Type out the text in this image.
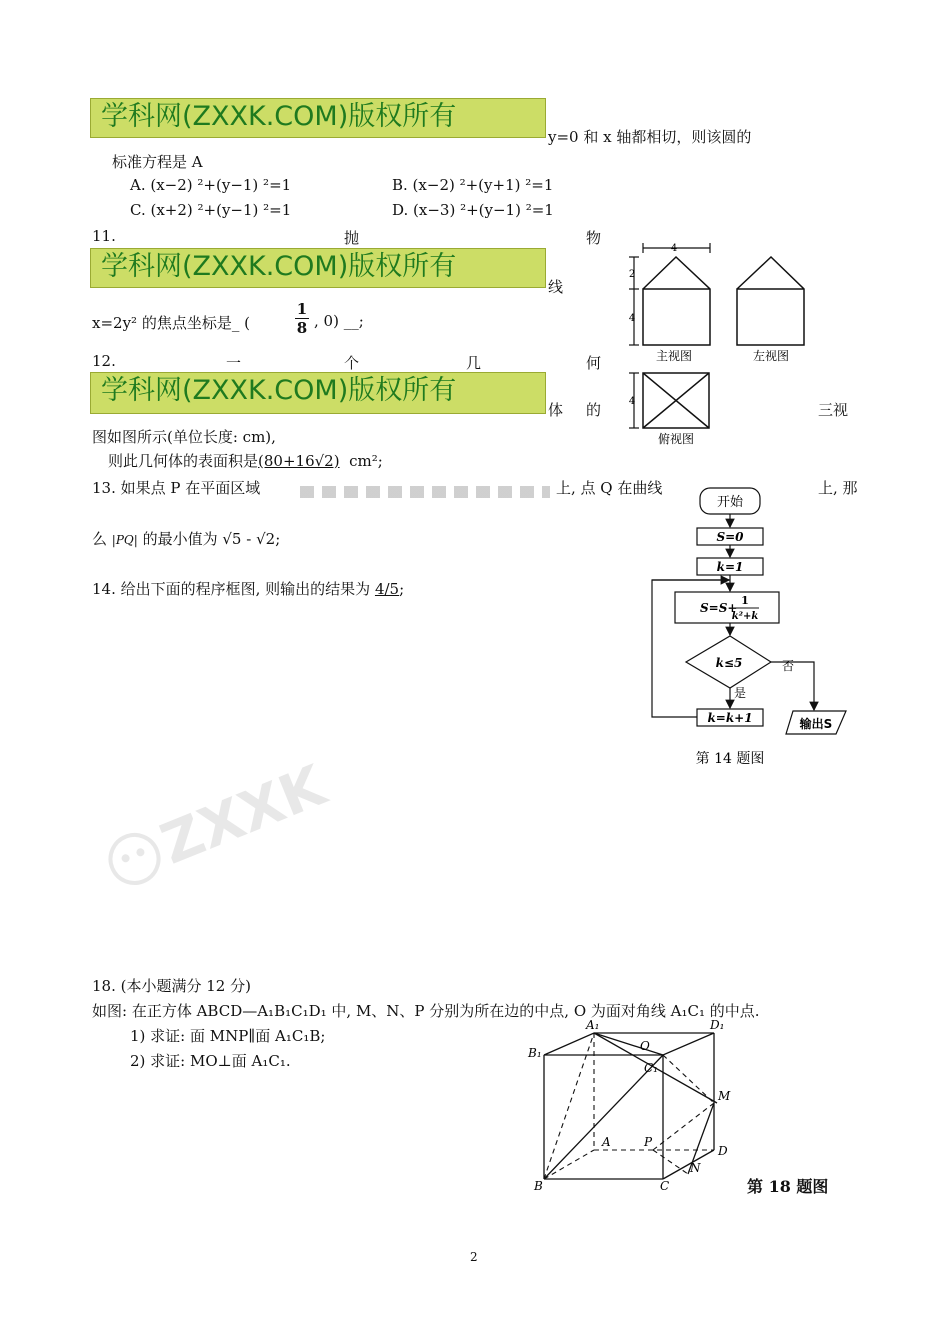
学科网(ZXXK.COM)版权所有
y=0 和 x 轴都相切，则该圆的
标准方程是 A
A. (x−2) ²+(y−1) ²=1	B. (x−2) ²+(y+1) ²=1
C. (x+2) ²+(y−1) ²=1	D. (x−3) ²+(y−1) ²=1
11.	抛	物
学科网(ZXXK.COM)版权所有
线
x=2y² 的焦点坐标是_ (
1
8 , 0) __;
12.	一	个	几	何
学科网(ZXXK.COM)版权所有
体 的	三视
图如图所示(单位长度: cm),
则此几何体的表面积是(80+16√2) cm²;
4
2
4
4
主视图	左视图
俯视图
13. 如果点 P 在平面区域	上, 点 Q 在曲线	上, 那
么 |PQ| 的最小值为 √5 - √2;
14. 给出下面的程序框图, 则输出的结果为 4/5;
开始
S=0
k=1
S=S+
1
k²+k
k≤5	否
是
k=k+1	输出S
第 14 题图
ZXXK
18. (本小题满分 12 分)
如图: 在正方体 ABCD—A₁B₁C₁D₁ 中, M、N、P 分别为所在边的中点, O 为面对角线 A₁C₁ 的中点.
1) 求证: 面 MNP∥面 A₁C₁B;
2) 求证: MO⊥面 A₁C₁.
A₁	D₁
B₁	O
C₁
M
A	P
D
N
B	C	第 18 题图
2
